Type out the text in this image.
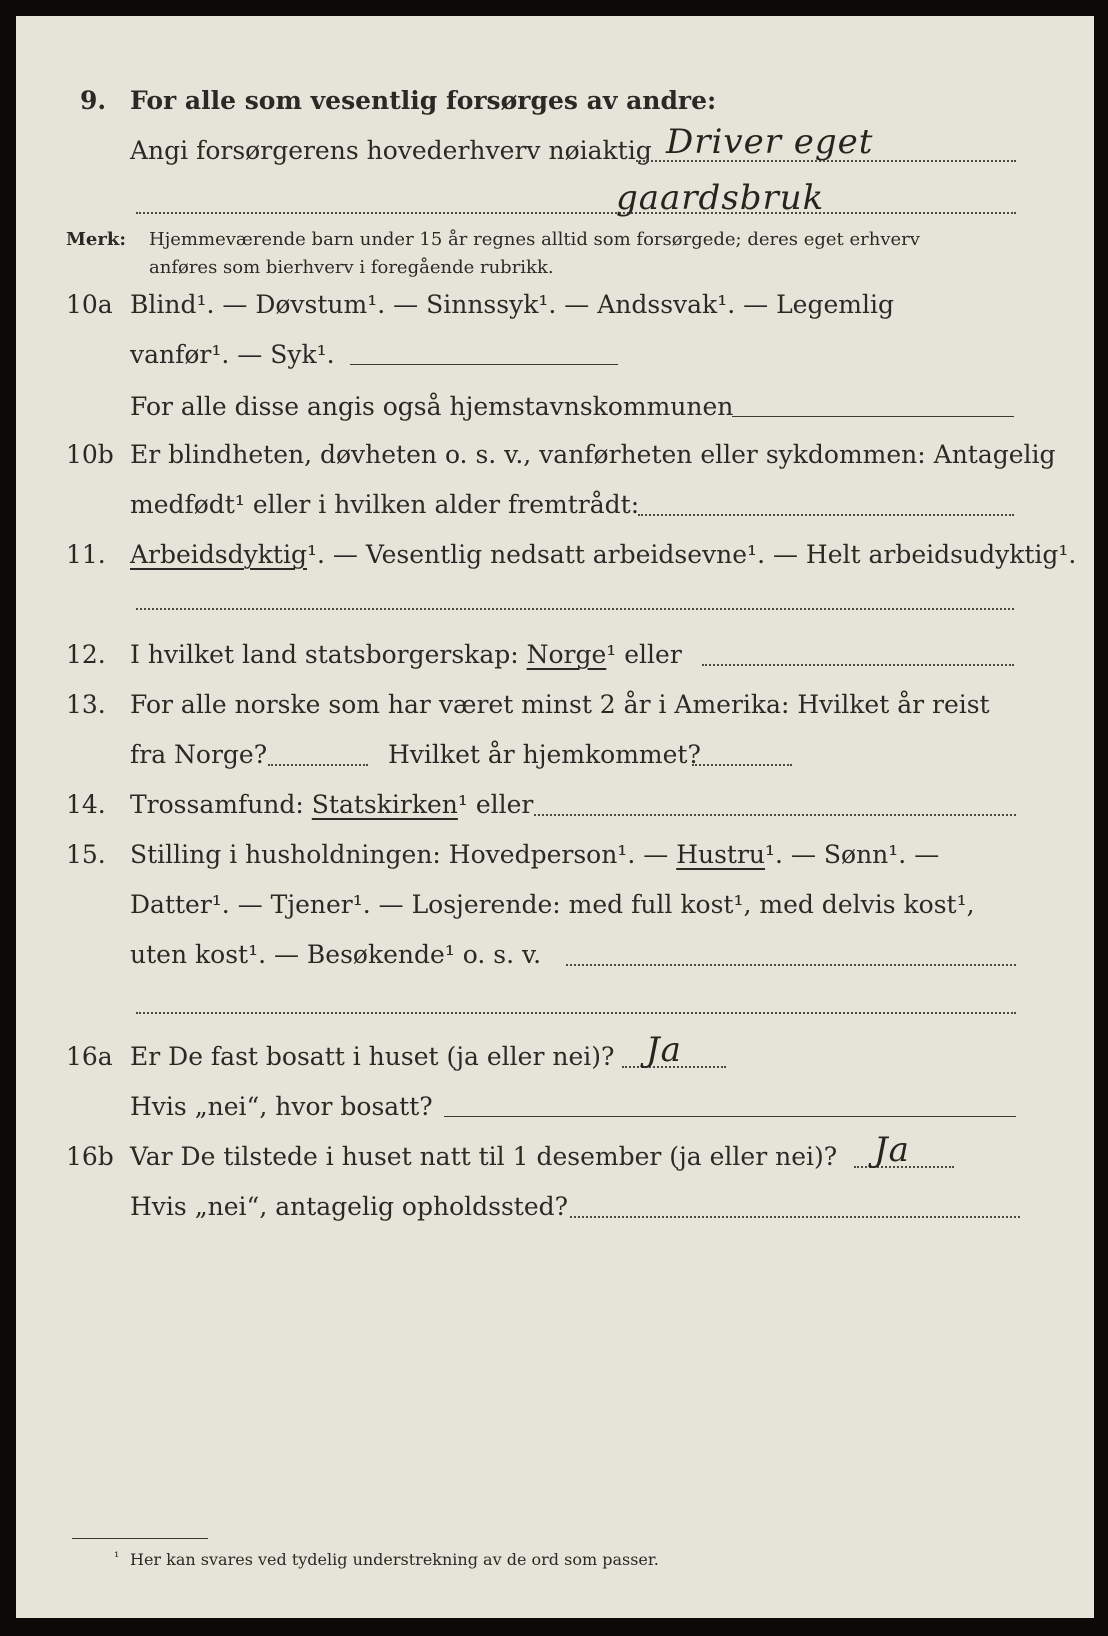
9. For alle som vesentlig forsørges av andre:
Angi forsørgerens hovederhverv nøiaktig Driver eget
gaardsbruk
Merk: Hjemmeværende barn under 15 år regnes alltid som forsørgede; deres eget erhverv
anføres som bierhverv i foregående rubrikk.
10a Blind¹. — Døvstum¹. — Sinnssyk¹. — Andssvak¹. — Legemlig
vanfør¹. — Syk¹.
For alle disse angis også hjemstavnskommunen
10b Er blindheten, døvheten o. s. v., vanførheten eller sykdommen: Antagelig
medfødt¹ eller i hvilken alder fremtrådt:
11. Arbeidsdyktig¹. — Vesentlig nedsatt arbeidsevne¹. — Helt arbeidsudyktig¹.
12. I hvilket land statsborgerskap: Norge¹ eller
13. For alle norske som har været minst 2 år i Amerika: Hvilket år reist
fra Norge?	Hvilket år hjemkommet?
14. Trossamfund: Statskirken¹ eller
15. Stilling i husholdningen: Hovedperson¹. — Hustru¹. — Sønn¹. —
Datter¹. — Tjener¹. — Losjerende: med full kost¹, med delvis kost¹,
uten kost¹. — Besøkende¹ o. s. v.
16a Er De fast bosatt i huset (ja eller nei)? Ja
Hvis „nei“, hvor bosatt?
16b Var De tilstede i huset natt til 1 desember (ja eller nei)? Ja
Hvis „nei“, antagelig opholdssted?
¹ Her kan svares ved tydelig understrekning av de ord som passer.
